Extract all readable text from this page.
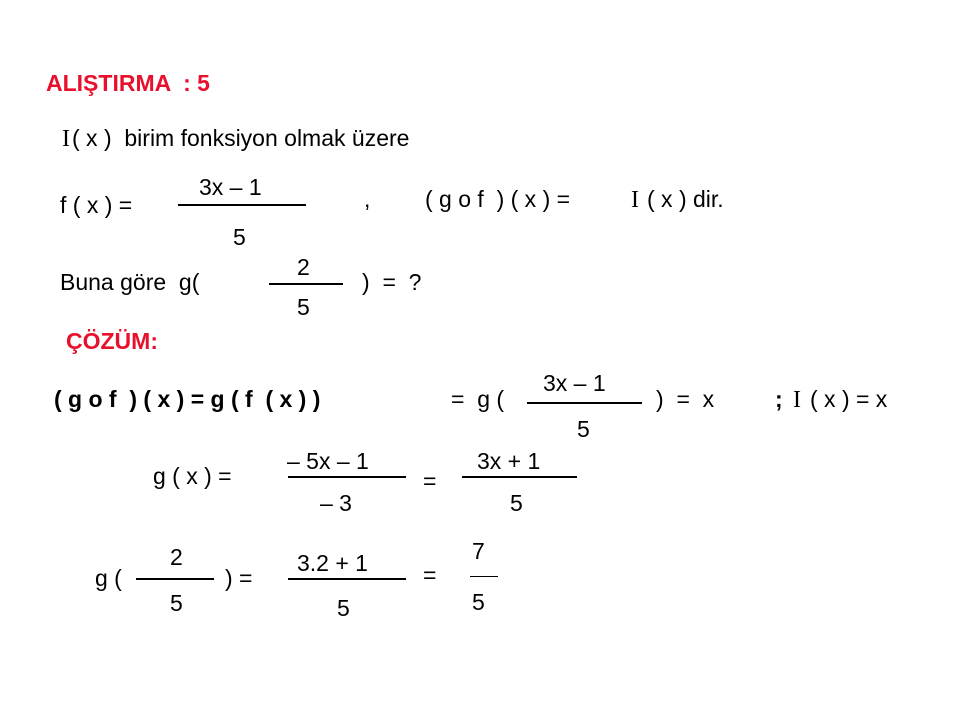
ALIŞTIRMA  : 5
I ( x )  birim fonksiyon olmak üzere
f ( x ) =
3x – 1
5
, ( g o f  ) ( x ) =	I ( x ) dir.
Buna göre  g(
2
5
)  =  ?
ÇÖZÜM:
( g o f  ) ( x ) = g ( f  ( x ) )	=  g (
3x – 1
5
)  =  x	; I ( x ) = x
g ( x ) =
– 5x – 1
– 3
=
3x + 1
5
g (
2
5
) =
3.2 + 1
5
=
7
5
